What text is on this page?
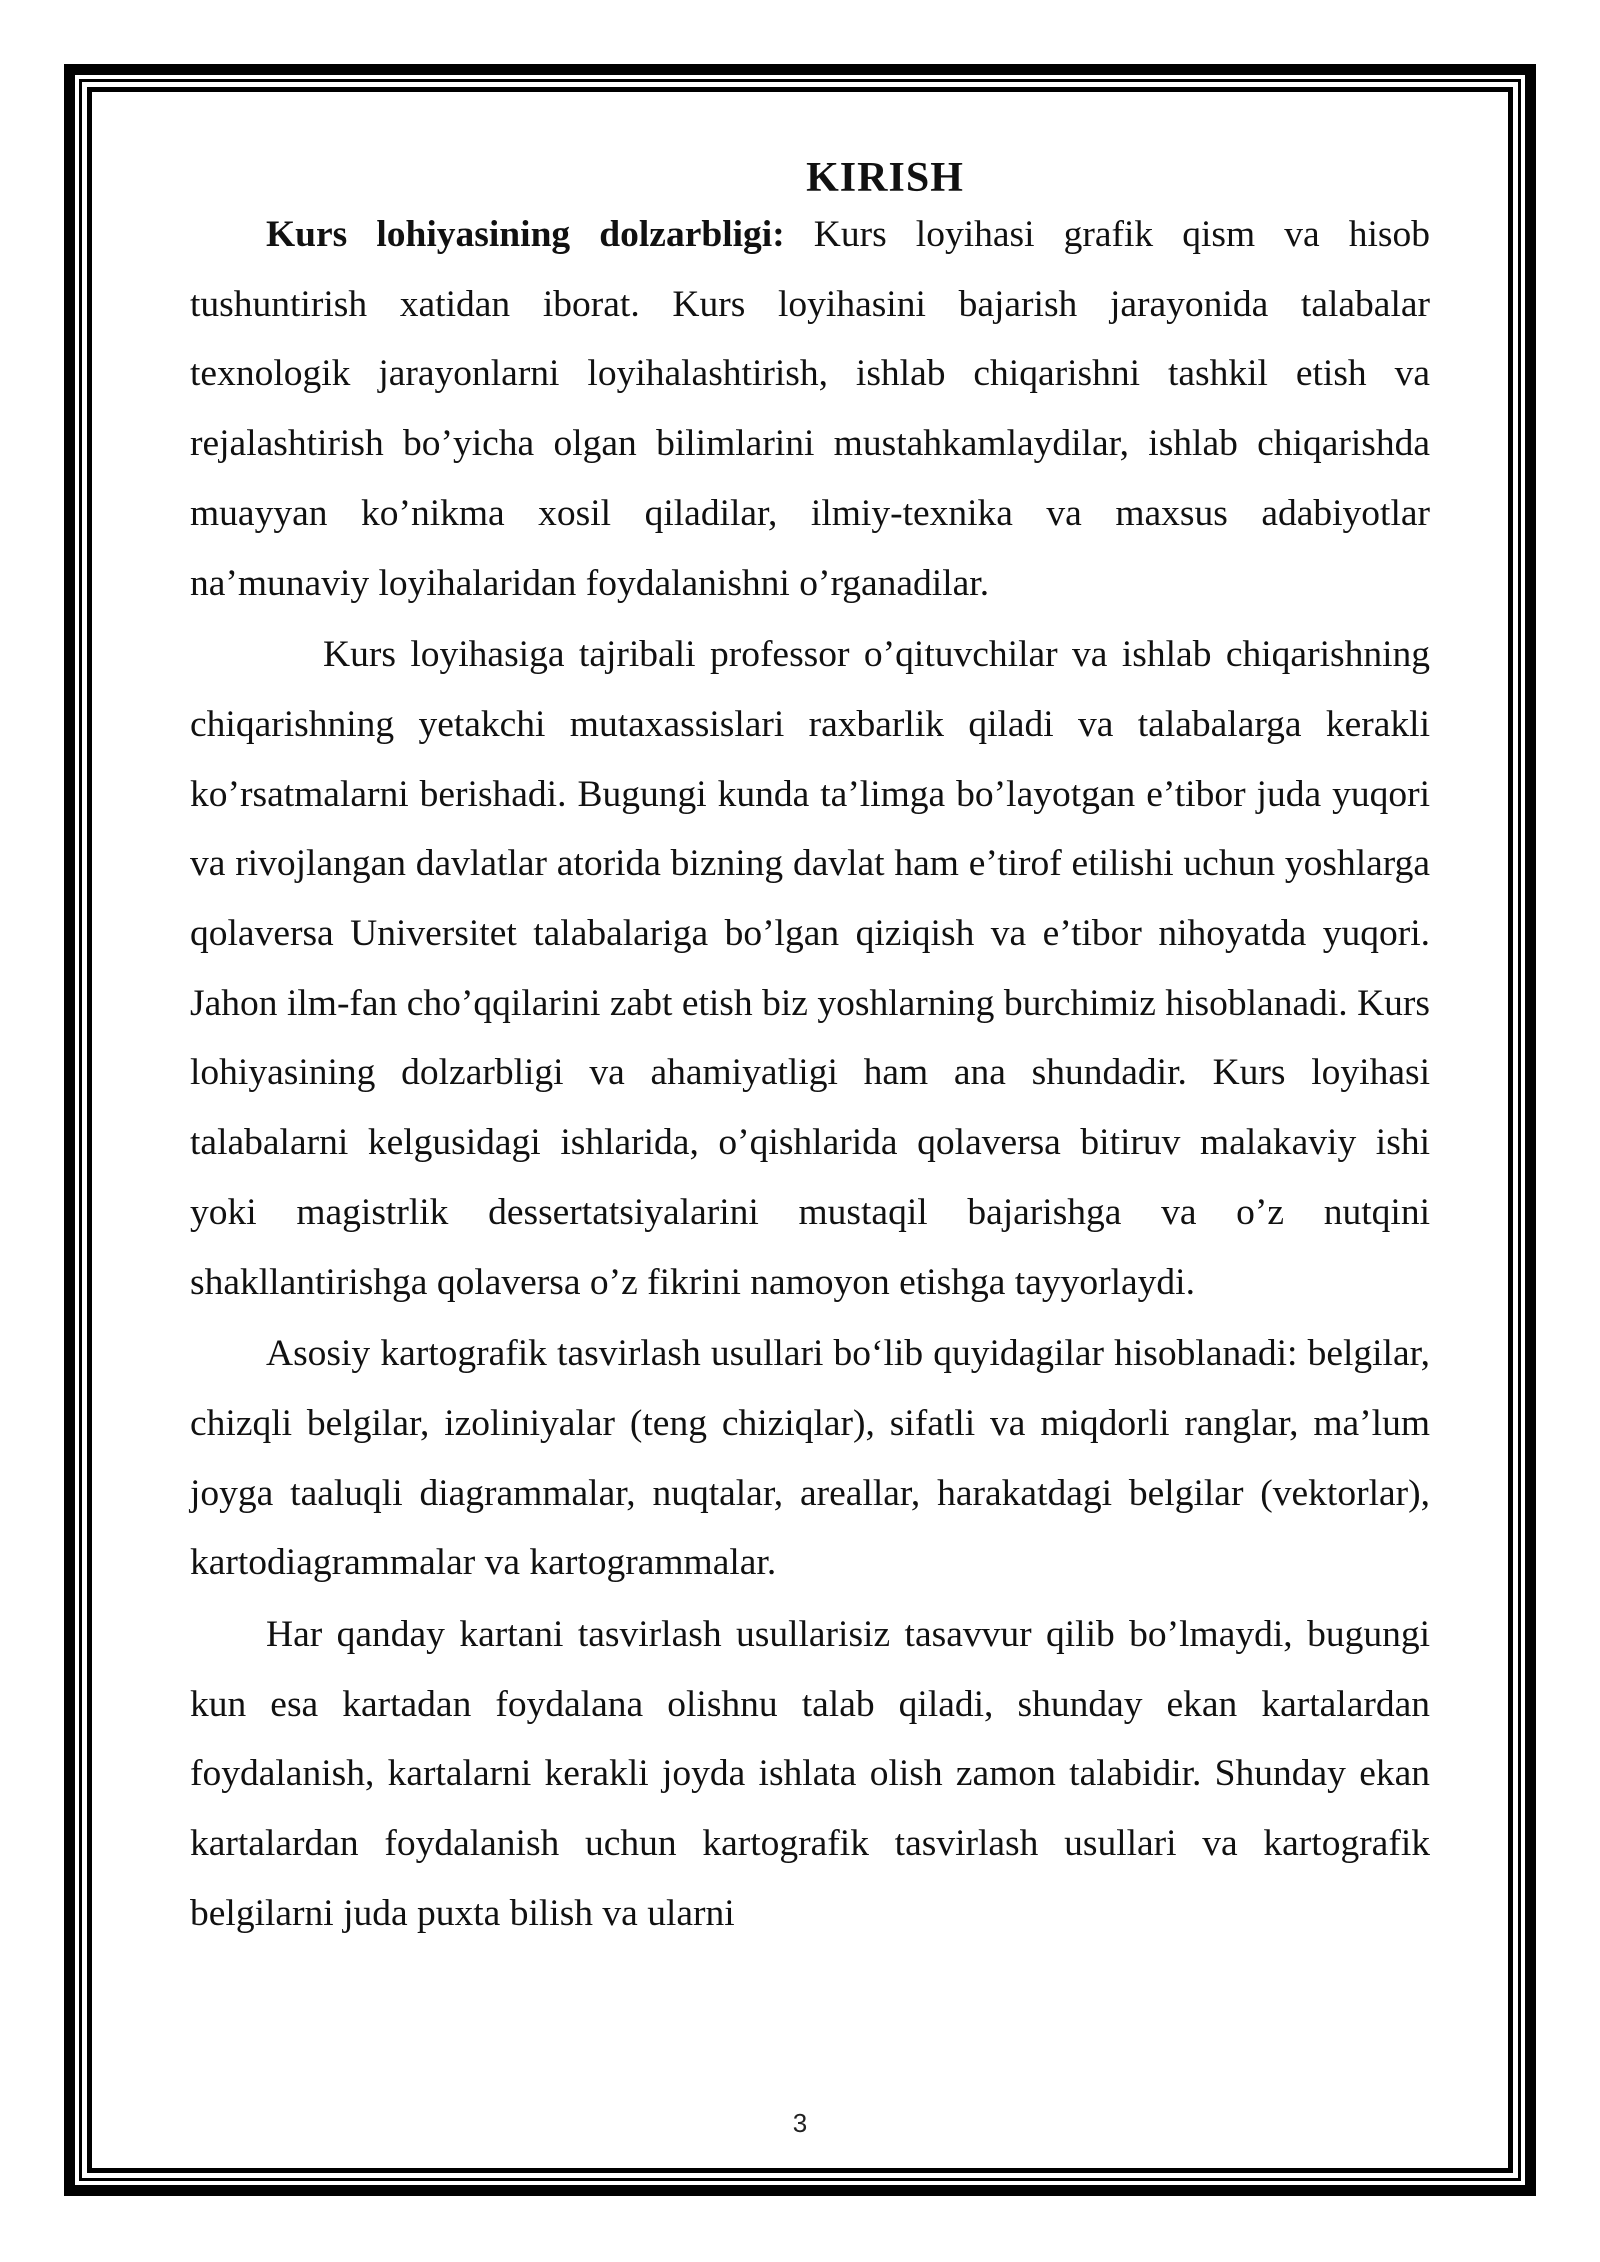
KIRISH

Kurs lohiyasining dolzarbligi: Kurs loyihasi grafik qism va hisob tushuntirish xatidan iborat. Kurs loyihasini bajarish jarayonida talabalar texnologik jarayonlarni loyihalashtirish, ishlab chiqarishni tashkil etish va rejalashtirish bo’yicha olgan bilimlarini mustahkamlaydilar, ishlab chiqarishda muayyan ko’nikma xosil qiladilar, ilmiy-texnika va maxsus adabiyotlar na’munaviy loyihalaridan foydalanishni o’rganadilar.

Kurs loyihasiga tajribali professor o’qituvchilar va ishlab chiqarishning chiqarishning yetakchi mutaxassislari raxbarlik qiladi va talabalarga kerakli ko’rsatmalarni berishadi. Bugungi kunda ta’limga bo’layotgan e’tibor juda yuqori va rivojlangan davlatlar atorida bizning davlat ham e’tirof etilishi uchun yoshlarga qolaversa Universitet talabalariga bo’lgan qiziqish va e’tibor nihoyatda yuqori. Jahon ilm-fan cho’qqilarini zabt etish biz yoshlarning burchimiz hisoblanadi. Kurs lohiyasining dolzarbligi va ahamiyatligi ham ana shundadir. Kurs loyihasi talabalarni kelgusidagi ishlarida, o’qishlarida qolaversa bitiruv malakaviy ishi yoki magistrlik dessertatsiyalarini mustaqil bajarishga va o’z nutqini shakllantirishga qolaversa o’z fikrini namoyon etishga tayyorlaydi.

Asosiy kartografik tasvirlash usullari bo‘lib quyidagilar hisoblanadi: belgilar, chizqli belgilar, izoliniyalar (teng chiziqlar), sifatli va miqdorli ranglar, ma’lum joyga taaluqli diagrammalar, nuqtalar, areallar, harakatdagi belgilar (vektorlar), kartodiagrammalar va kartogrammalar.

Har qanday kartani tasvirlash usullarisiz tasavvur qilib bo’lmaydi, bugungi kun esa kartadan foydalana olishnu talab qiladi, shunday ekan kartalardan foydalanish, kartalarni kerakli joyda ishlata olish zamon talabidir. Shunday ekan kartalardan foydalanish uchun kartografik tasvirlash usullari va kartografik belgilarni juda puxta bilish va ularni

3
